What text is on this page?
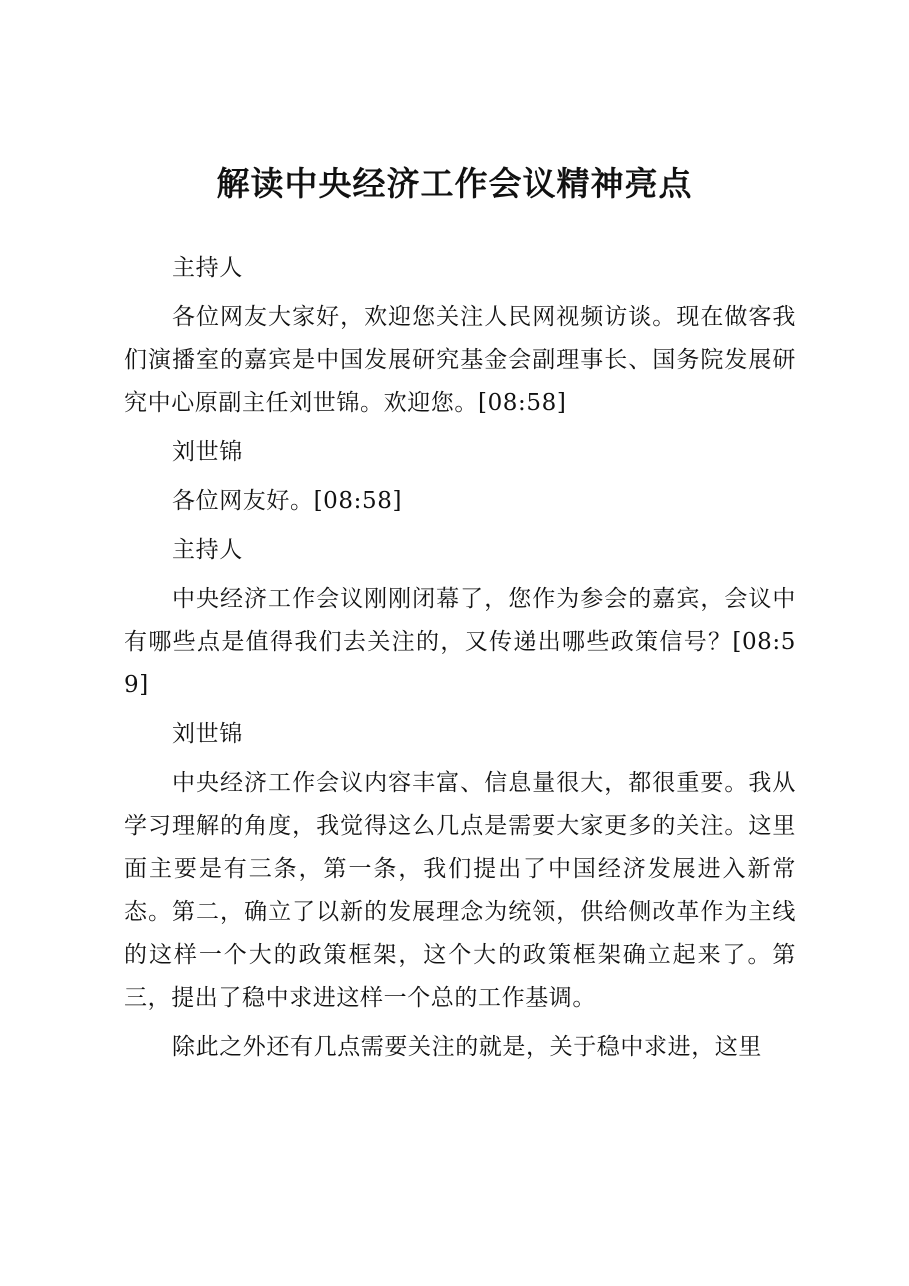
解读中央经济工作会议精神亮点

主持人

各位网友大家好，欢迎您关注人民网视频访谈。现在做客我们演播室的嘉宾是中国发展研究基金会副理事长、国务院发展研究中心原副主任刘世锦。欢迎您。[08:58]

刘世锦

各位网友好。[08:58]

主持人

中央经济工作会议刚刚闭幕了，您作为参会的嘉宾，会议中有哪些点是值得我们去关注的，又传递出哪些政策信号？[08:59]

刘世锦

中央经济工作会议内容丰富、信息量很大，都很重要。我从学习理解的角度，我觉得这么几点是需要大家更多的关注。这里面主要是有三条，第一条，我们提出了中国经济发展进入新常态。第二，确立了以新的发展理念为统领，供给侧改革作为主线的这样一个大的政策框架，这个大的政策框架确立起来了。第三，提出了稳中求进这样一个总的工作基调。

除此之外还有几点需要关注的就是，关于稳中求进，这里
